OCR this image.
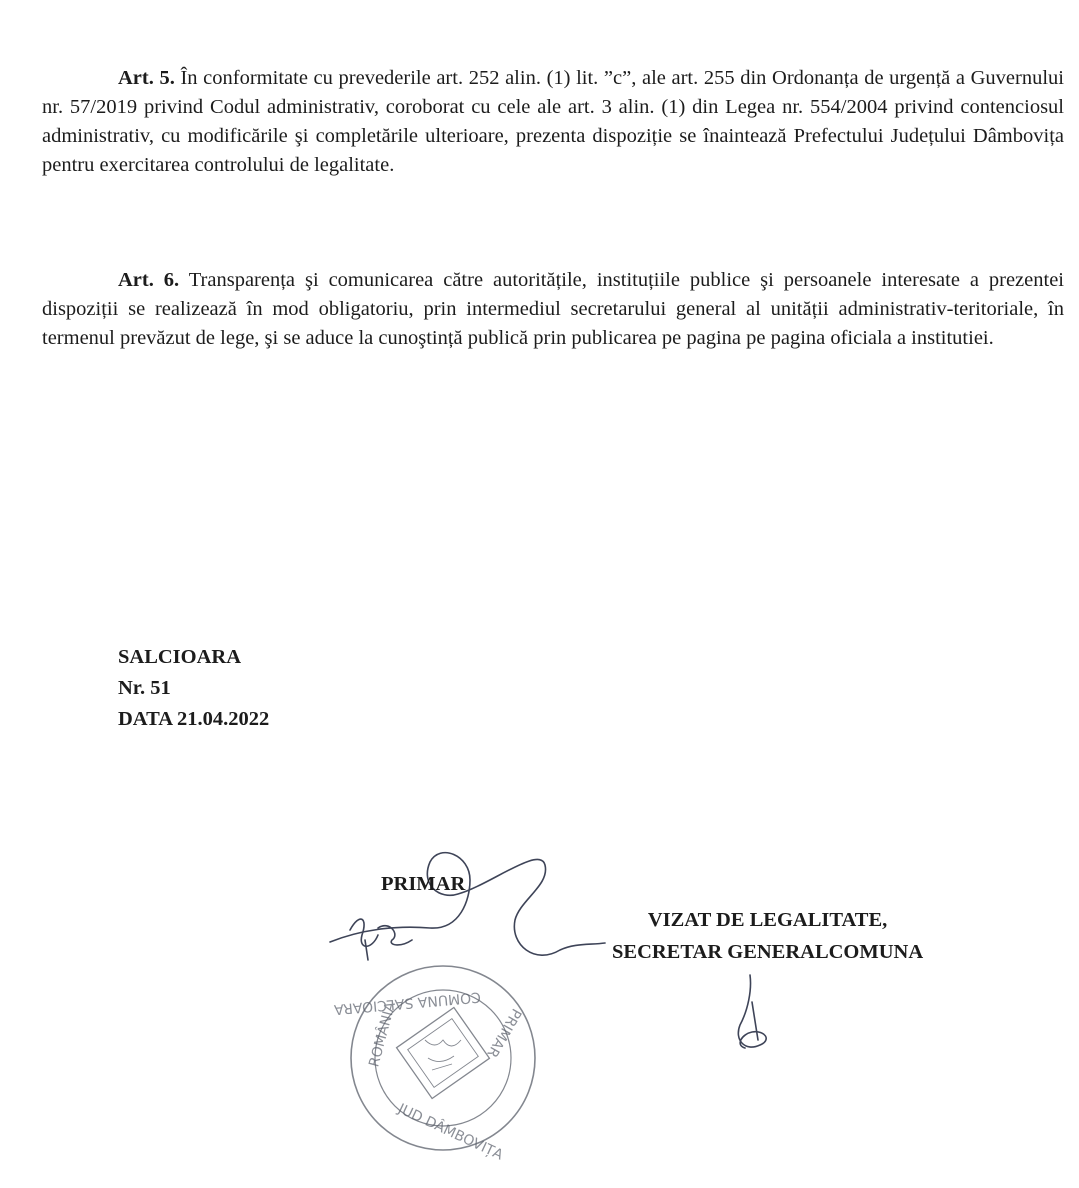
Art. 5. În conformitate cu prevederile art. 252 alin. (1) lit. ”c”, ale art. 255 din Ordonanța de urgență a Guvernului nr. 57/2019 privind Codul administrativ, coroborat cu cele ale art. 3 alin. (1) din Legea nr. 554/2004 privind contenciosul administrativ, cu modificările şi completările ulterioare, prezenta dispoziție se înaintează Prefectului Județului Dâmbovița pentru exercitarea controlului de legalitate.

Art. 6. Transparența şi comunicarea către autoritățile, instituțiile publice şi persoanele interesate a prezentei dispoziții se realizează în mod obligatoriu, prin intermediul secretarului general al unității administrativ-teritoriale, în termenul prevăzut de lege, şi se aduce la cunoştință publică prin publicarea pe pagina pe pagina oficiala a institutiei.

SALCIOARA
Nr. 51
DATA 21.04.2022
ROMÂNIA
JUD DÂMBOVIȚA
COMUNA SALCIOARA
PRIMAR
PRIMAR
VIZAT DE LEGALITATE,
SECRETAR GENERALCOMUNA
